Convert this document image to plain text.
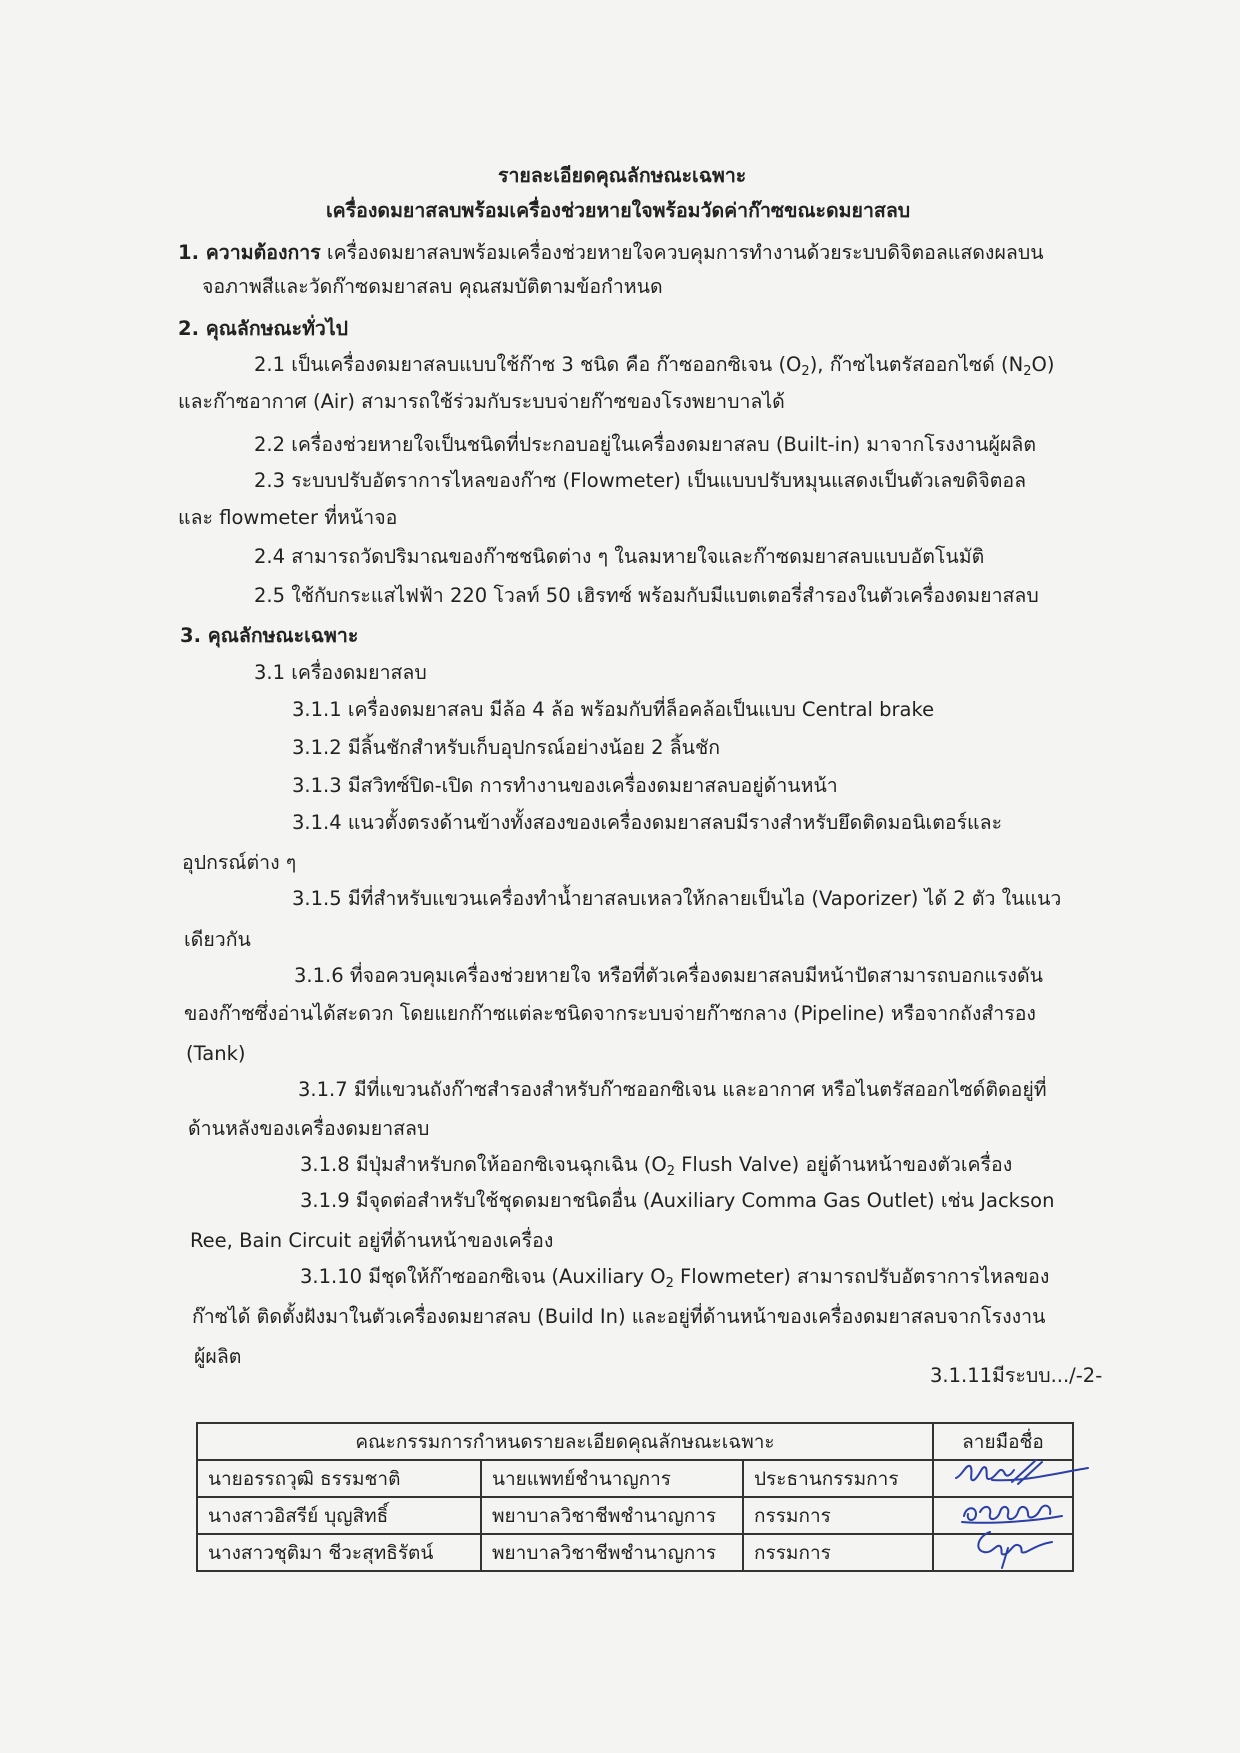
รายละเอียดคุณลักษณะเฉพาะ
เครื่องดมยาสลบพร้อมเครื่องช่วยหายใจพร้อมวัดค่าก๊าซขณะดมยาสลบ
1. ความต้องการ เครื่องดมยาสลบพร้อมเครื่องช่วยหายใจควบคุมการทำงานด้วยระบบดิจิตอลแสดงผลบน
จอภาพสีและวัดก๊าซดมยาสลบ คุณสมบัติตามข้อกำหนด
2. คุณลักษณะทั่วไป
2.1 เป็นเครื่องดมยาสลบแบบใช้ก๊าซ 3 ชนิด คือ ก๊าซออกซิเจน $(O_2)$, ก๊าซไนตรัสออกไซด์ $(N_2O)$
และก๊าซอากาศ (Air) สามารถใช้ร่วมกับระบบจ่ายก๊าซของโรงพยาบาลได้
2.2 เครื่องช่วยหายใจเป็นชนิดที่ประกอบอยู่ในเครื่องดมยาสลบ (Built-in) มาจากโรงงานผู้ผลิต
2.3 ระบบปรับอัตราการไหลของก๊าซ (Flowmeter) เป็นแบบปรับหมุนแสดงเป็นตัวเลขดิจิตอล
และ flowmeter ที่หน้าจอ
2.4 สามารถวัดปริมาณของก๊าซชนิดต่าง ๆ ในลมหายใจและก๊าซดมยาสลบแบบอัตโนมัติ
2.5 ใช้กับกระแสไฟฟ้า 220 โวลท์ 50 เฮิรทซ์ พร้อมกับมีแบตเตอรี่สำรองในตัวเครื่องดมยาสลบ
3. คุณลักษณะเฉพาะ
3.1 เครื่องดมยาสลบ
3.1.1 เครื่องดมยาสลบ มีล้อ 4 ล้อ พร้อมกับที่ล็อคล้อเป็นแบบ Central brake
3.1.2 มีลิ้นชักสำหรับเก็บอุปกรณ์อย่างน้อย 2 ลิ้นชัก
3.1.3 มีสวิทซ์ปิด-เปิด การทำงานของเครื่องดมยาสลบอยู่ด้านหน้า
3.1.4 แนวตั้งตรงด้านข้างทั้งสองของเครื่องดมยาสลบมีรางสำหรับยึดติดมอนิเตอร์และ
อุปกรณ์ต่าง ๆ
3.1.5 มีที่สำหรับแขวนเครื่องทำน้ำยาสลบเหลวให้กลายเป็นไอ (Vaporizer) ได้ 2 ตัว ในแนว
เดียวกัน
3.1.6 ที่จอควบคุมเครื่องช่วยหายใจ หรือที่ตัวเครื่องดมยาสลบมีหน้าปัดสามารถบอกแรงดัน
ของก๊าซซึ่งอ่านได้สะดวก โดยแยกก๊าซแต่ละชนิดจากระบบจ่ายก๊าซกลาง (Pipeline) หรือจากถังสำรอง
(Tank)
3.1.7 มีที่แขวนถังก๊าซสำรองสำหรับก๊าซออกซิเจน และอากาศ หรือไนตรัสออกไซด์ติดอยู่ที่
ด้านหลังของเครื่องดมยาสลบ
3.1.8 มีปุ่มสำหรับกดให้ออกซิเจนฉุกเฉิน ($O_2$ Flush Valve) อยู่ด้านหน้าของตัวเครื่อง
3.1.9 มีจุดต่อสำหรับใช้ชุดดมยาชนิดอื่น (Auxiliary Comma Gas Outlet) เช่น Jackson
Ree, Bain Circuit อยู่ที่ด้านหน้าของเครื่อง
3.1.10 มีชุดให้ก๊าซออกซิเจน (Auxiliary $O_2$ Flowmeter) สามารถปรับอัตราการไหลของ
ก๊าซได้ ติดตั้งฝังมาในตัวเครื่องดมยาสลบ (Build In) และอยู่ที่ด้านหน้าของเครื่องดมยาสลบจากโรงงาน
ผู้ผลิต
3.1.11มีระบบ.../-2-
คณะกรรมการกำหนดรายละเอียดคุณลักษณะเฉพาะ			ลายมือชื่อ
นายอรรถวุฒิ ธรรมชาติ	นายแพทย์ชำนาญการ	ประธานกรรมการ	
นางสาวอิสรีย์ บุญสิทธิ์	พยาบาลวิชาชีพชำนาญการ	กรรมการ	
นางสาวชุติมา ชีวะสุทธิรัตน์	พยาบาลวิชาชีพชำนาญการ	กรรมการ	
